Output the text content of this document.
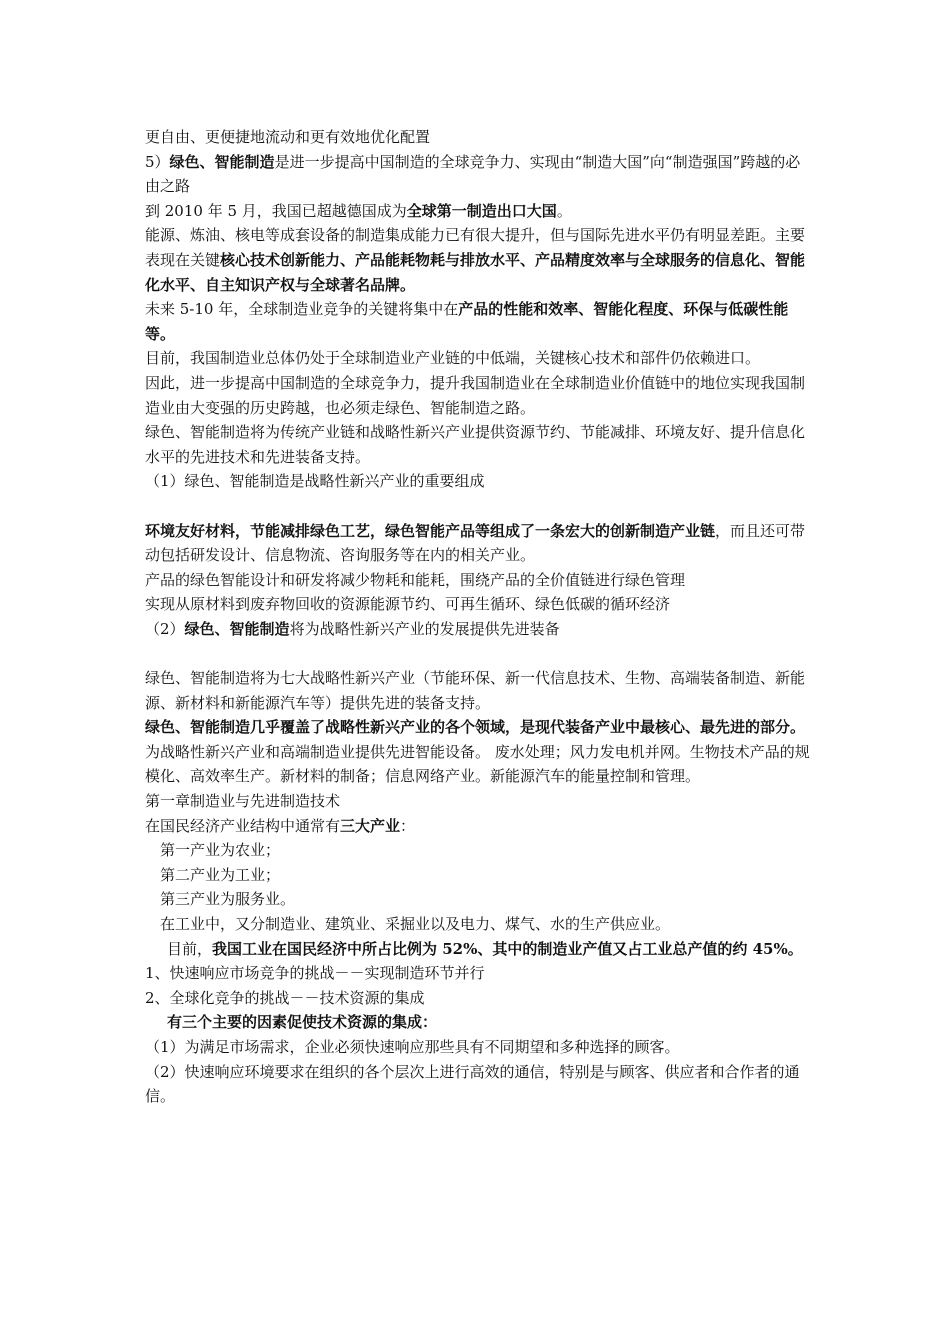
更自由、更便捷地流动和更有效地优化配置

5）绿色、智能制造是进一步提高中国制造的全球竞争力、实现由“制造大国”向“制造强国”跨越的必由之路

到 2010 年 5 月，我国已超越德国成为全球第一制造出口大国。

能源、炼油、核电等成套设备的制造集成能力已有很大提升，但与国际先进水平仍有明显差距。主要表现在关键核心技术创新能力、产品能耗物耗与排放水平、产品精度效率与全球服务的信息化、智能化水平、自主知识产权与全球著名品牌。

未来 5-10 年，全球制造业竞争的关键将集中在产品的性能和效率、智能化程度、环保与低碳性能等。

目前，我国制造业总体仍处于全球制造业产业链的中低端，关键核心技术和部件仍依赖进口。

因此，进一步提高中国制造的全球竞争力，提升我国制造业在全球制造业价值链中的地位实现我国制造业由大变强的历史跨越，也必须走绿色、智能制造之路。

绿色、智能制造将为传统产业链和战略性新兴产业提供资源节约、节能减排、环境友好、提升信息化水平的先进技术和先进装备支持。

（1）绿色、智能制造是战略性新兴产业的重要组成

环境友好材料，节能减排绿色工艺，绿色智能产品等组成了一条宏大的创新制造产业链，而且还可带动包括研发设计、信息物流、咨询服务等在内的相关产业。

产品的绿色智能设计和研发将减少物耗和能耗，围绕产品的全价值链进行绿色管理

实现从原材料到废弃物回收的资源能源节约、可再生循环、绿色低碳的循环经济

（2）绿色、智能制造将为战略性新兴产业的发展提供先进装备

绿色、智能制造将为七大战略性新兴产业（节能环保、新一代信息技术、生物、高端装备制造、新能源、新材料和新能源汽车等）提供先进的装备支持。

绿色、智能制造几乎覆盖了战略性新兴产业的各个领域，是现代装备产业中最核心、最先进的部分。

为战略性新兴产业和高端制造业提供先进智能设备。 废水处理；风力发电机并网。生物技术产品的规模化、高效率生产。新材料的制备；信息网络产业。新能源汽车的能量控制和管理。

第一章制造业与先进制造技术

在国民经济产业结构中通常有三大产业：

第一产业为农业；

第二产业为工业；

第三产业为服务业。

在工业中，又分制造业、建筑业、采掘业以及电力、煤气、水的生产供应业。

目前，我国工业在国民经济中所占比例为 52%、其中的制造业产值又占工业总产值的约 45%。

1、快速响应市场竞争的挑战－－实现制造环节并行

2、全球化竞争的挑战－－技术资源的集成

有三个主要的因素促使技术资源的集成：

（1）为满足市场需求，企业必须快速响应那些具有不同期望和多种选择的顾客。

（2）快速响应环境要求在组织的各个层次上进行高效的通信，特别是与顾客、供应者和合作者的通信。
